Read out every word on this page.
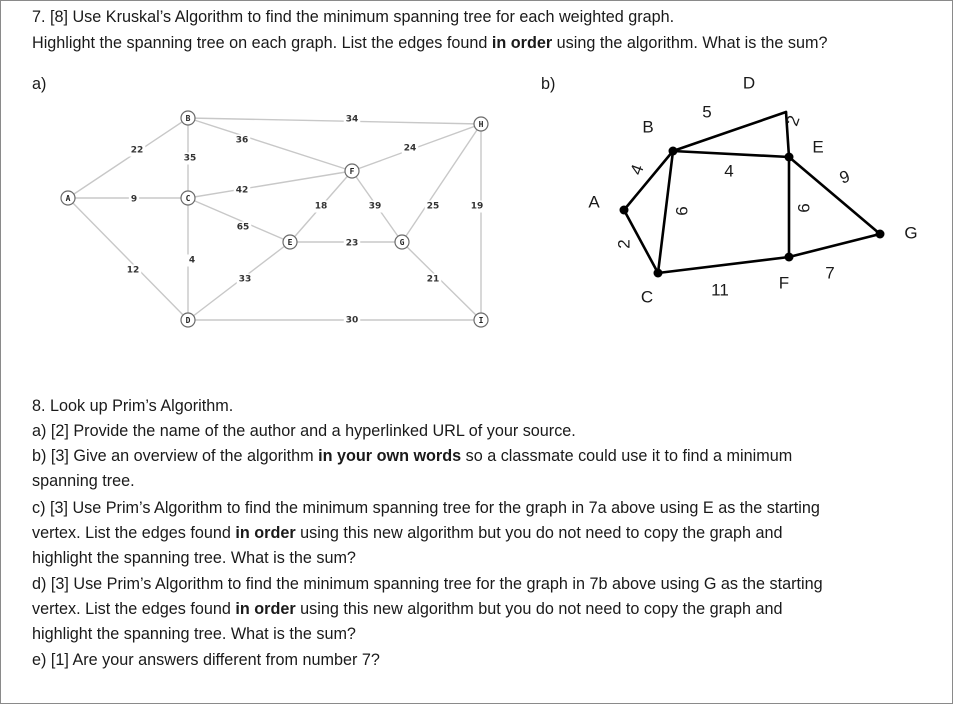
7. [8] Use Kruskal’s Algorithm to find the minimum spanning tree for each weighted graph.

Highlight the spanning tree on each graph. List the edges found in order using the algorithm. What is the sum?

a)	b)
22
9
12
35
36
34
42
65
4
33
30
18
23
39
24
25
21
19
A
B
C
D
E
F
G
H
I
4
2
6
5	2
4
6
9
11
7
A
B
C
D
E
F
G

8. Look up Prim’s Algorithm.

a) [2] Provide the name of the author and a hyperlinked URL of your source.

b) [3] Give an overview of the algorithm in your own words so a classmate could use it to find a minimum

spanning tree.

c) [3] Use Prim’s Algorithm to find the minimum spanning tree for the graph in 7a above using E as the starting

vertex. List the edges found in order using this new algorithm but you do not need to copy the graph and

highlight the spanning tree. What is the sum?

d) [3] Use Prim’s Algorithm to find the minimum spanning tree for the graph in 7b above using G as the starting

vertex. List the edges found in order using this new algorithm but you do not need to copy the graph and

highlight the spanning tree. What is the sum?

e) [1] Are your answers different from number 7?
